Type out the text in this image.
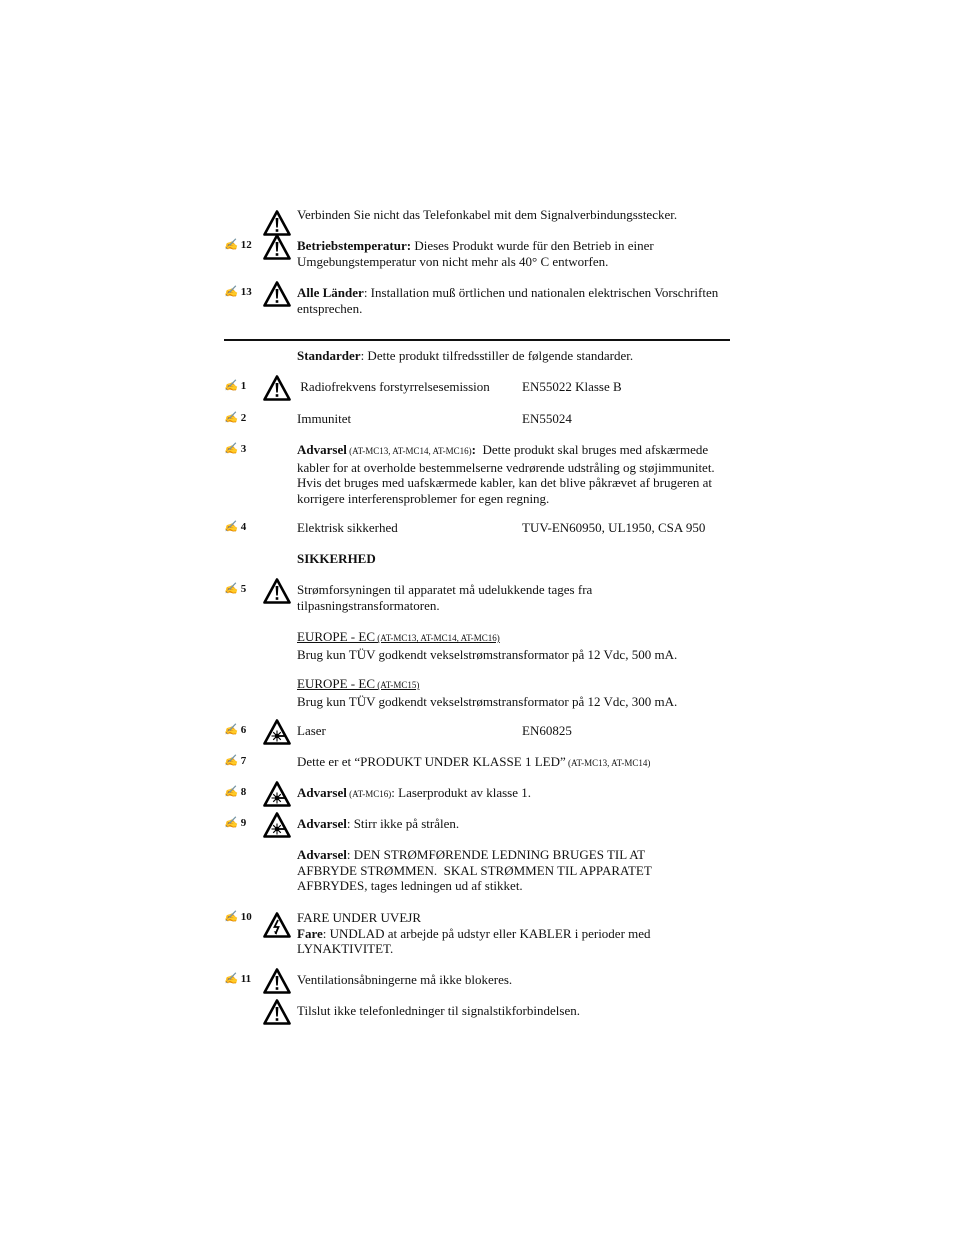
Verbinden Sie nicht das Telefonkabel mit dem Signalverbindungsstecker.
✍ 12	Betriebstemperatur: Dieses Produkt wurde für den Betrieb in einer Umgebungstemperatur von nicht mehr als 40° C entworfen.
✍ 13	Alle Länder: Installation muß örtlichen und nationalen elektrischen Vorschriften entsprechen.
Standarder: Dette produkt tilfredsstiller de følgende standarder.
✍ 1	Radiofrekvens forstyrrelsesemission	EN55022 Klasse B
✍ 2	Immunitet	EN55024
✍ 3	Advarsel (AT-MC13, AT-MC14, AT-MC16):  Dette produkt skal bruges med afskærmede kabler for at overholde bestemmelserne vedrørende udstråling og støjimmunitet. Hvis det bruges med uafskærmede kabler, kan det blive påkrævet af brugeren at korrigere interferensproblemer for egen regning.
✍ 4	Elektrisk sikkerhed	TUV-EN60950, UL1950, CSA 950
SIKKERHED
✍ 5	Strømforsyningen til apparatet må udelukkende tages fra tilpasningstransformatoren.
EUROPE - EC (AT-MC13, AT-MC14, AT-MC16)
Brug kun TÜV godkendt vekselstrømstransformator på 12 Vdc, 500 mA.
EUROPE - EC (AT-MC15)
Brug kun TÜV godkendt vekselstrømstransformator på 12 Vdc, 300 mA.
✍ 6	Laser	EN60825
✍ 7	Dette er et “PRODUKT UNDER KLASSE 1 LED” (AT-MC13, AT-MC14)
✍ 8	Advarsel (AT-MC16): Laserprodukt av klasse 1.
✍ 9	Advarsel: Stirr ikke på strålen.
Advarsel: DEN STRØMFØRENDE LEDNING BRUGES TIL AT AFBRYDE STRØMMEN.  SKAL STRØMMEN TIL APPARATET AFBRYDES, tages ledningen ud af stikket.
✍ 10	FARE UNDER UVEJR
Fare: UNDLAD at arbejde på udstyr eller KABLER i perioder med LYNAKTIVITET.
✍ 11	Ventilationsåbningerne må ikke blokeres.
Tilslut ikke telefonledninger til signalstikforbindelsen.
